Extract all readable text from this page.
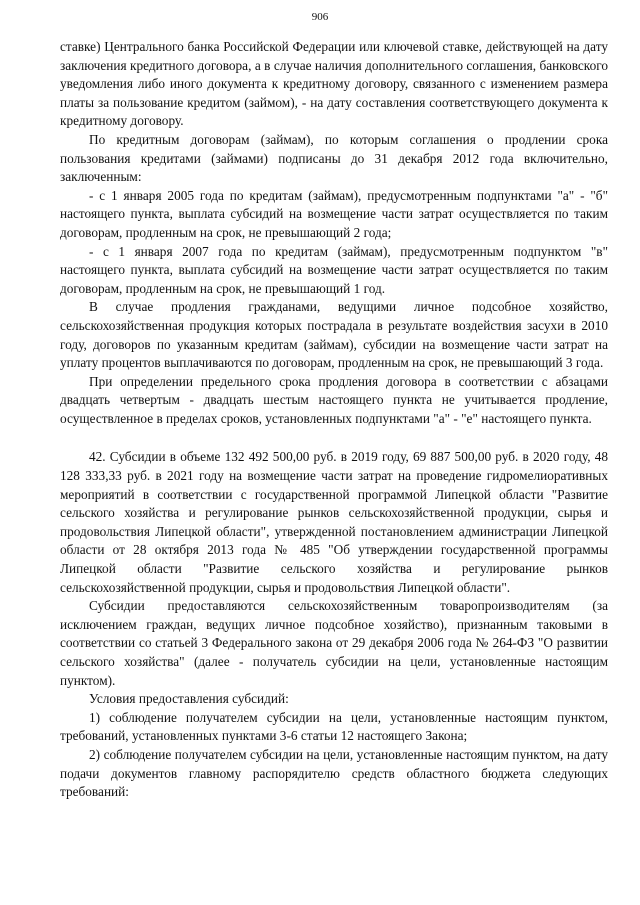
906

ставке) Центрального банка Российской Федерации или ключевой ставке, действующей на дату заключения кредитного договора, а в случае наличия дополнительного соглашения, банковского уведомления либо иного документа к кредитному договору, связанного с изменением размера платы за пользование кредитом (займом), - на дату составления соответствующего документа к кредитному договору.

По кредитным договорам (займам), по которым соглашения о продлении срока пользования кредитами (займами) подписаны до 31 декабря 2012 года включительно, заключенным:

- с 1 января 2005 года по кредитам (займам), предусмотренным подпунктами "а" - "б" настоящего пункта, выплата субсидий на возмещение части затрат осуществляется по таким договорам, продленным на срок, не превышающий 2 года;

- с 1 января 2007 года по кредитам (займам), предусмотренным подпунктом "в" настоящего пункта, выплата субсидий на возмещение части затрат осуществляется по таким договорам, продленным на срок, не превышающий 1 год.

В случае продления гражданами, ведущими личное подсобное хозяйство, сельскохозяйственная продукция которых пострадала в результате воздействия засухи в 2010 году, договоров по указанным кредитам (займам), субсидии на возмещение части затрат на уплату процентов выплачиваются по договорам, продленным на срок, не превышающий 3 года.

При определении предельного срока продления договора в соответствии с абзацами двадцать четвертым - двадцать шестым настоящего пункта не учитывается продление, осуществленное в пределах сроков, установленных подпунктами "а" - "е" настоящего пункта.

42. Субсидии в объеме 132 492 500,00 руб. в 2019 году, 69 887 500,00 руб. в 2020 году, 48 128 333,33 руб. в 2021 году на возмещение части затрат на проведение гидромелиоративных мероприятий в соответствии с государственной программой Липецкой области "Развитие сельского хозяйства и регулирование рынков сельскохозяйственной продукции, сырья и продовольствия Липецкой области", утвержденной постановлением администрации Липецкой области от 28 октября 2013 года № 485 "Об утверждении государственной программы Липецкой области "Развитие сельского хозяйства и регулирование рынков сельскохозяйственной продукции, сырья и продовольствия Липецкой области".

Субсидии предоставляются сельскохозяйственным товаропроизводителям (за исключением граждан, ведущих личное подсобное хозяйство), признанным таковыми в соответствии со статьей 3 Федерального закона от 29 декабря 2006 года № 264-ФЗ "О развитии сельского хозяйства" (далее - получатель субсидии на цели, установленные настоящим пунктом).

Условия предоставления субсидий:

1) соблюдение получателем субсидии на цели, установленные настоящим пунктом, требований, установленных пунктами 3-6 статьи 12 настоящего Закона;

2) соблюдение получателем субсидии на цели, установленные настоящим пунктом, на дату подачи документов главному распорядителю средств областного бюджета следующих требований:
